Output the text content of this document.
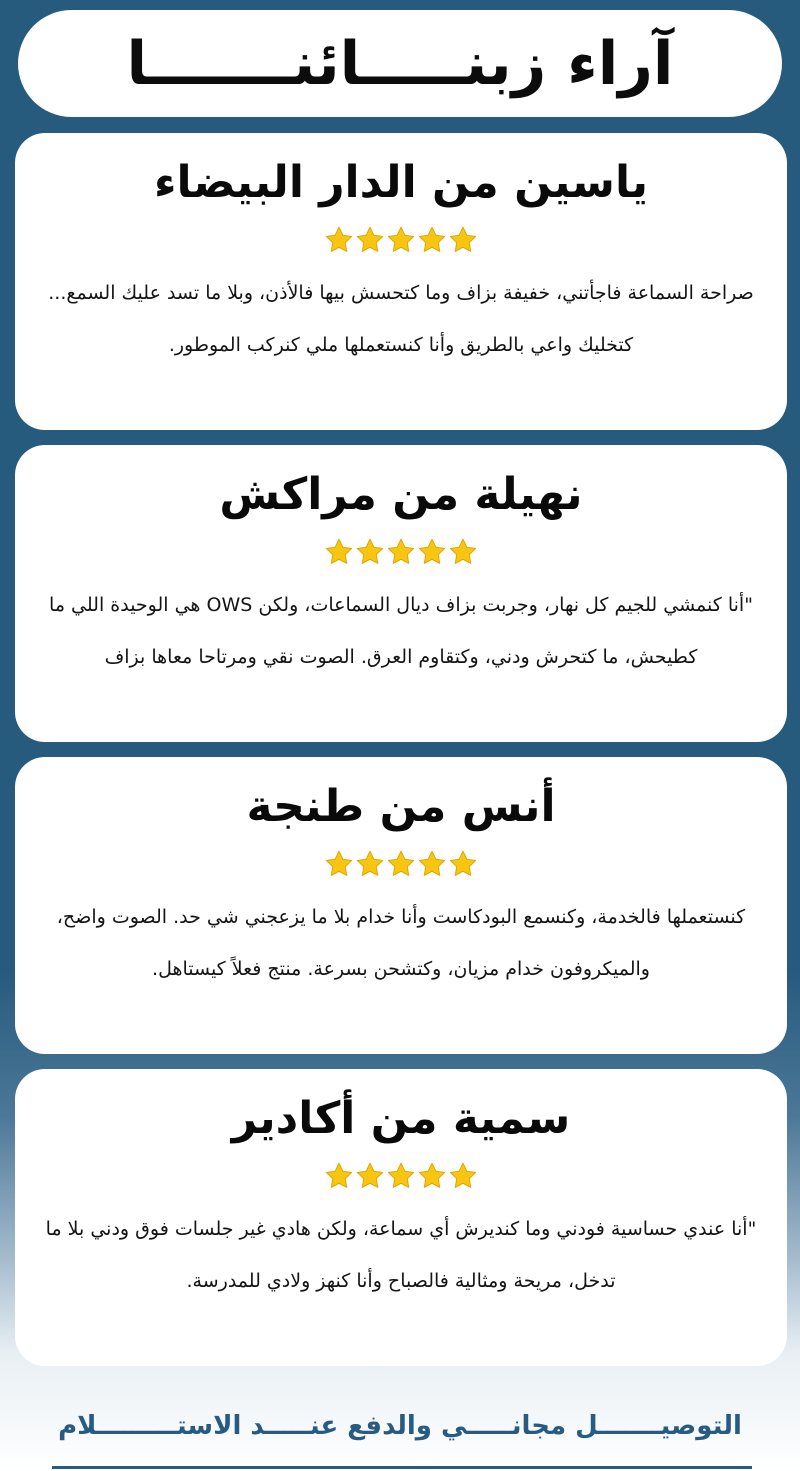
آراء زبنـــــائنـــــــا
ياسين من الدار البيضاء
صراحة السماعة فاجأتني، خفيفة بزاف وما كتحسش بيها فالأذن، وبلا ما تسد عليك السمع... كتخليك واعي بالطريق وأنا كنستعملها ملي كنركب الموطور.
نهيلة من مراكش
"أنا كنمشي للجيم كل نهار، وجربت بزاف ديال السماعات، ولكن OWS هي الوحيدة اللي ما كطيحش، ما كتحرش ودني، وكتقاوم العرق. الصوت نقي ومرتاحا معاها بزاف
أنس من طنجة
كنستعملها فالخدمة، وكنسمع البودكاست وأنا خدام بلا ما يزعجني شي حد. الصوت واضح، والميكروفون خدام مزيان، وكتشحن بسرعة. منتج فعلاً كيستاهل.
سمية من أكادير
"أنا عندي حساسية فودني وما كنديرش أي سماعة، ولكن هادي غير جلسات فوق ودني بلا ما تدخل، مريحة ومثالية فالصباح وأنا كنهز ولادي للمدرسة.
التوصيـــــــل مجانـــــي والدفع عنـــــد الاستـــــــــلام
